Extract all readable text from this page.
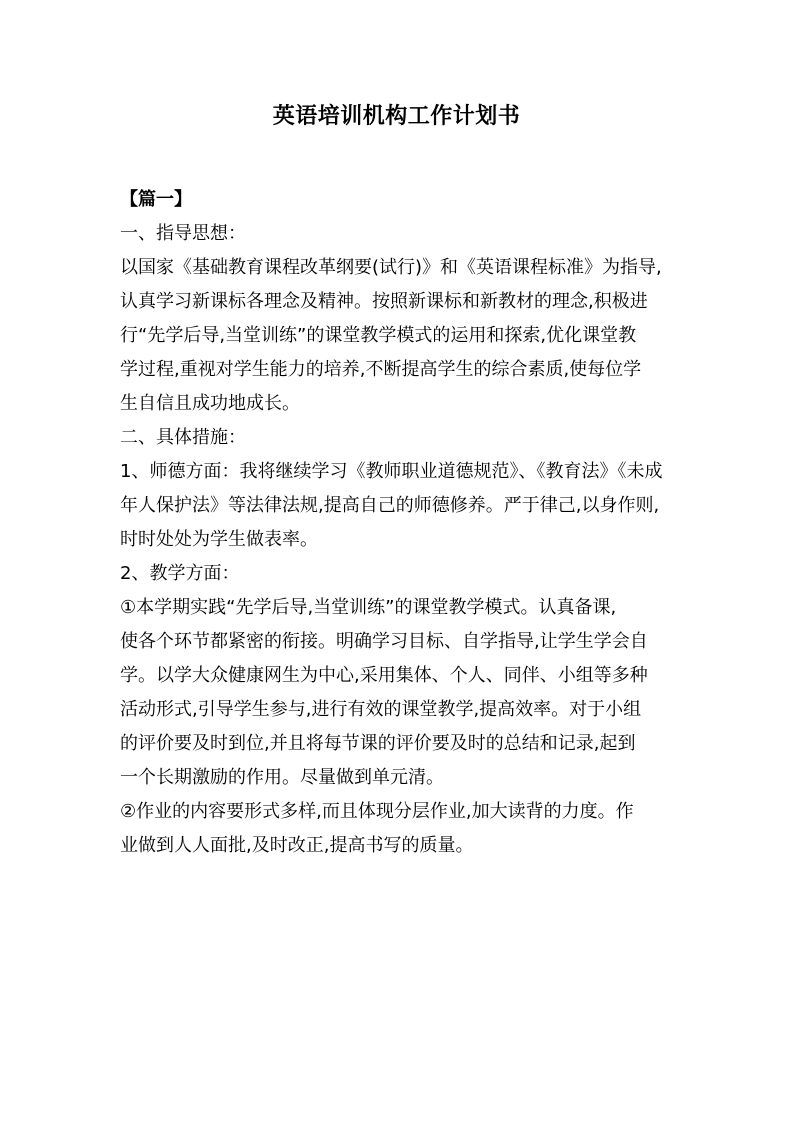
英语培训机构工作计划书
【篇一】
一、指导思想：
以国家《基础教育课程改革纲要(试行)》和《英语课程标准》为指导,
认真学习新课标各理念及精神。按照新课标和新教材的理念,积极进
行“先学后导,当堂训练”的课堂教学模式的运用和探索,优化课堂教
学过程,重视对学生能力的培养,不断提高学生的综合素质,使每位学
生自信且成功地成长。
二、具体措施：
1、师德方面：我将继续学习《教师职业道德规范》、《教育法》《未成
年人保护法》等法律法规,提高自己的师德修养。严于律己,以身作则,
时时处处为学生做表率。
2、教学方面：
①本学期实践“先学后导,当堂训练”的课堂教学模式。认真备课,
使各个环节都紧密的衔接。明确学习目标、自学指导,让学生学会自
学。以学大众健康网生为中心,采用集体、个人、同伴、小组等多种
活动形式,引导学生参与,进行有效的课堂教学,提高效率。对于小组
的评价要及时到位,并且将每节课的评价要及时的总结和记录,起到
一个长期激励的作用。尽量做到单元清。
②作业的内容要形式多样,而且体现分层作业,加大读背的力度。作
业做到人人面批,及时改正,提高书写的质量。
